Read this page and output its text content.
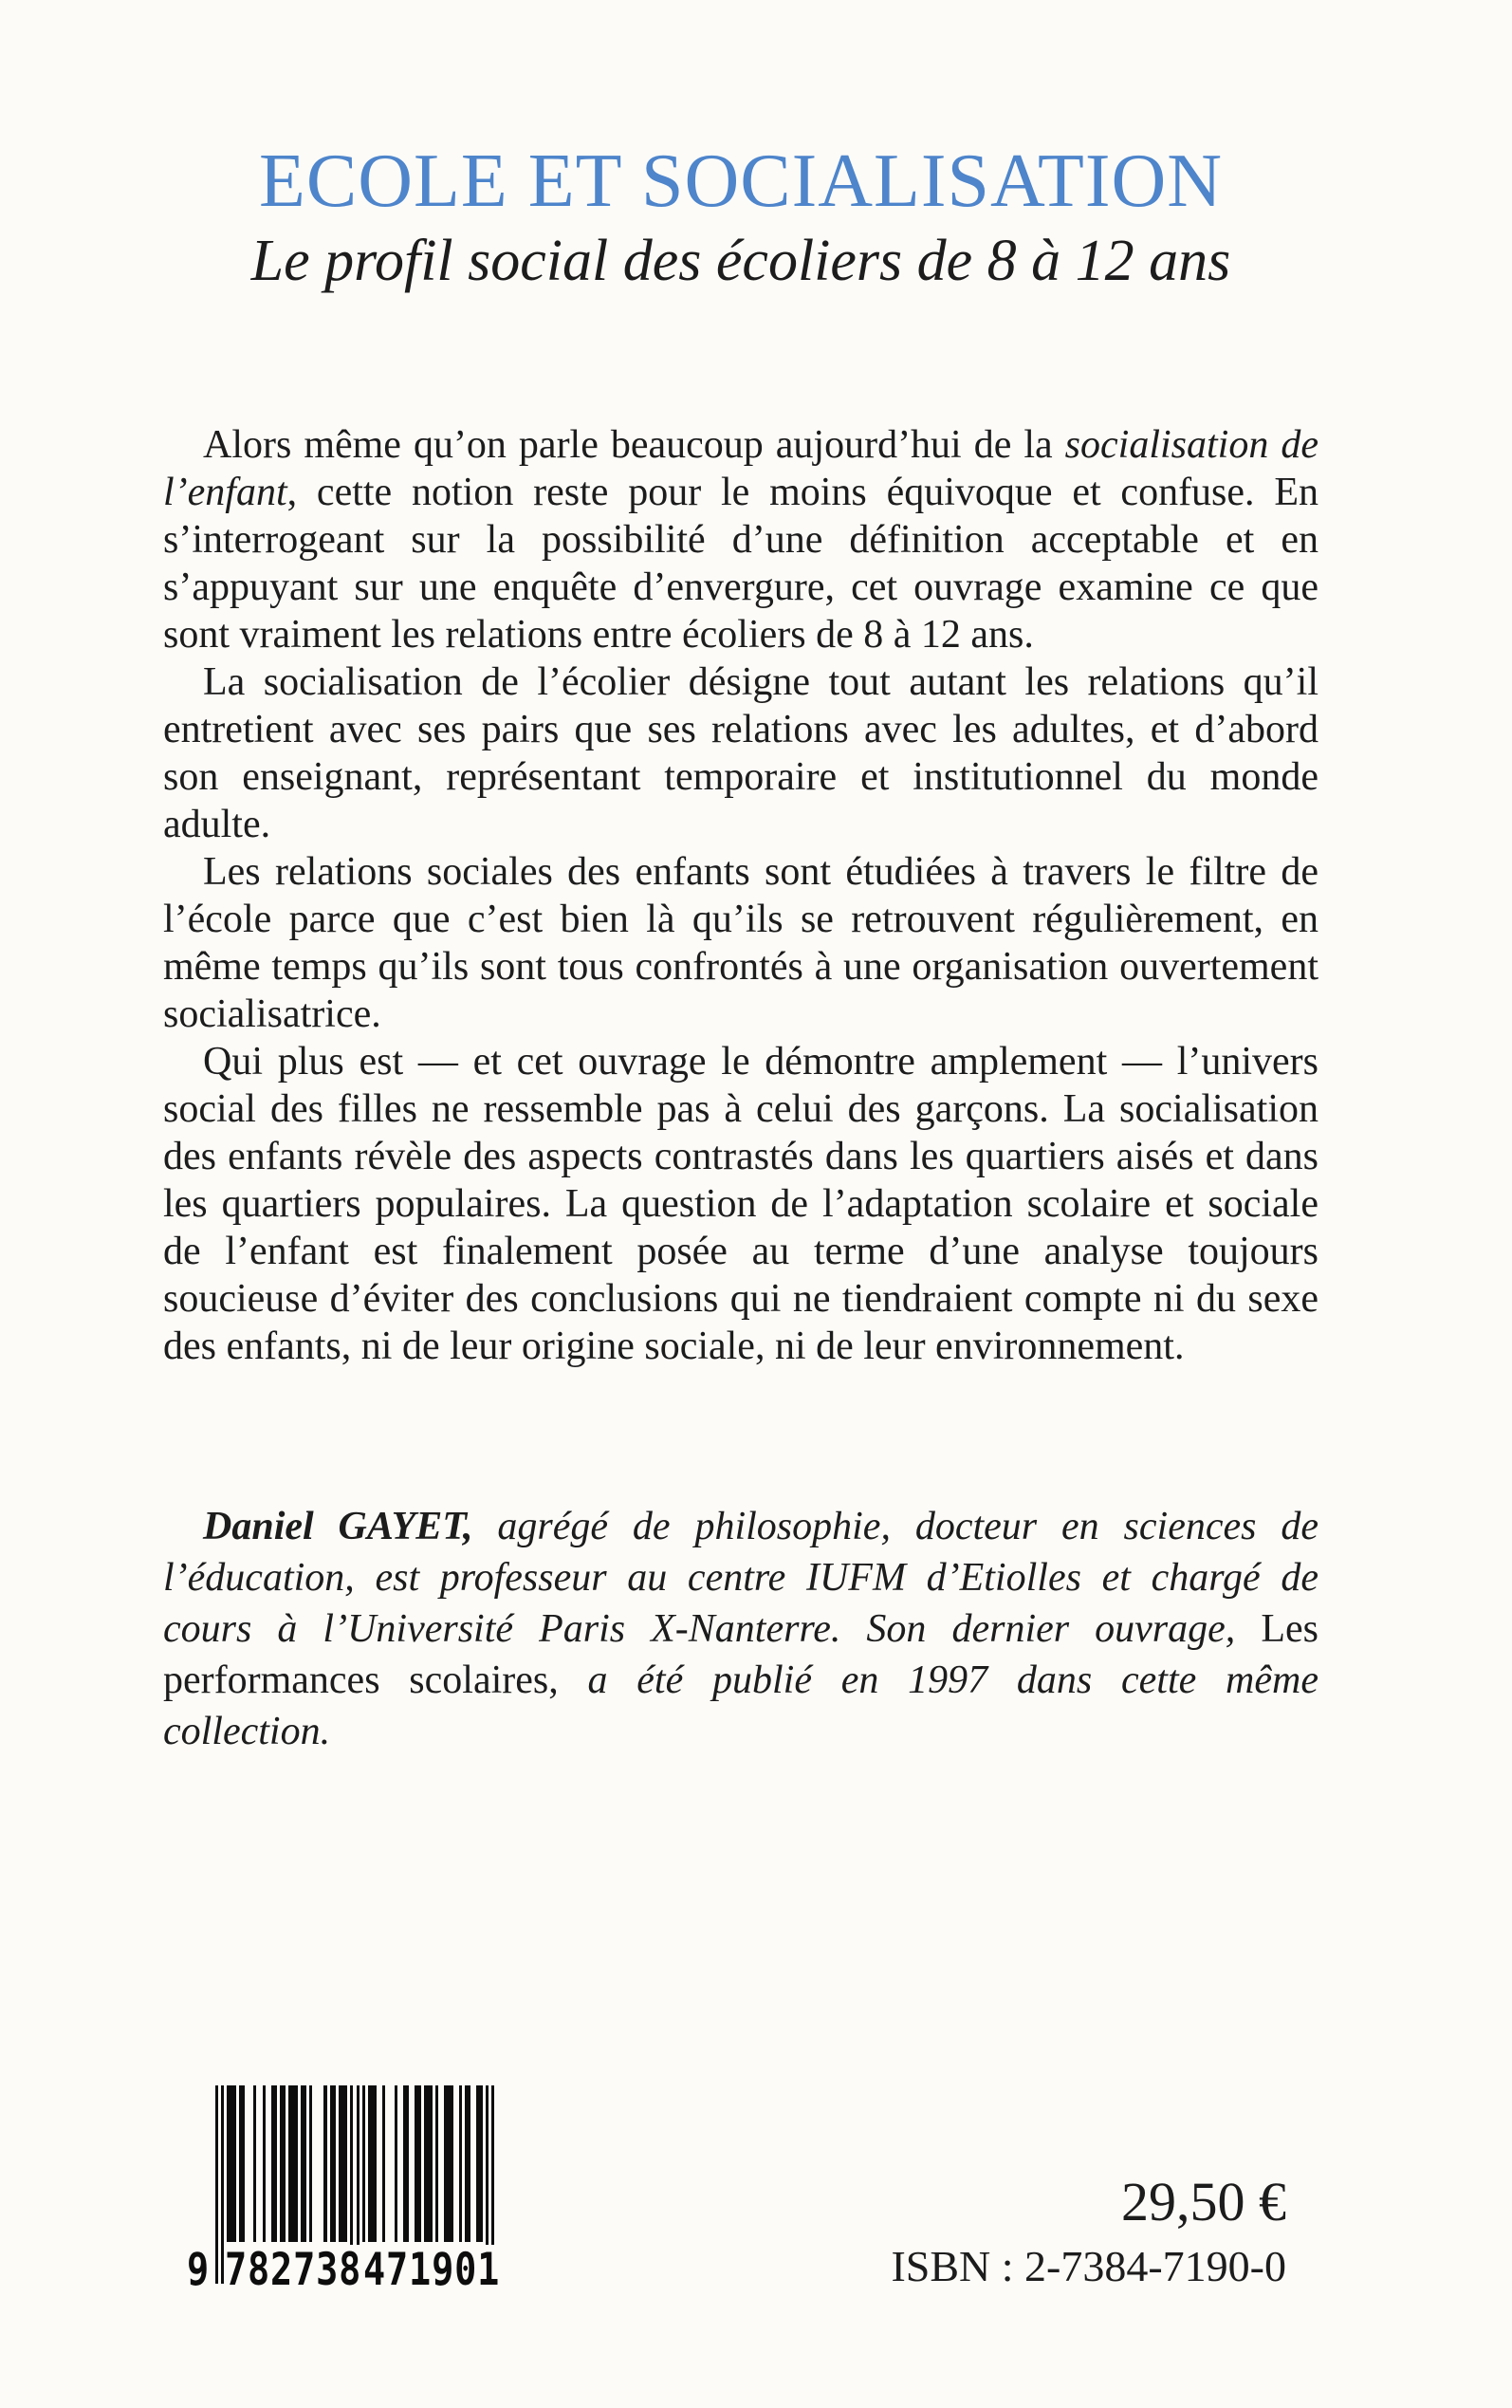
ECOLE ET SOCIALISATION
Le profil social des écoliers de 8 à 12 ans

Alors même qu’on parle beaucoup aujourd’hui de la socialisation de l’enfant, cette notion reste pour le moins équivoque et confuse. En s’interrogeant sur la possibilité d’une définition acceptable et en s’appuyant sur une enquête d’envergure, cet ouvrage examine ce que sont vraiment les relations entre écoliers de 8 à 12 ans.

La socialisation de l’écolier désigne tout autant les relations qu’il entretient avec ses pairs que ses relations avec les adultes, et d’abord son enseignant, représentant temporaire et institutionnel du monde adulte.

Les relations sociales des enfants sont étudiées à travers le filtre de l’école parce que c’est bien là qu’ils se retrouvent régulièrement, en même temps qu’ils sont tous confrontés à une organisation ouvertement socialisatrice.

Qui plus est — et cet ouvrage le démontre amplement — l’univers social des filles ne ressemble pas à celui des garçons. La socialisation des enfants révèle des aspects contrastés dans les quartiers aisés et dans les quartiers populaires. La question de l’adaptation scolaire et sociale de l’enfant est finalement posée au terme d’une analyse toujours soucieuse d’éviter des conclusions qui ne tiendraient compte ni du sexe des enfants, ni de leur origine sociale, ni de leur environnement.

Daniel GAYET, agrégé de philosophie, docteur en sciences de l’éducation, est professeur au centre IUFM d’Etiolles et chargé de cours à l’Université Paris X-Nanterre. Son dernier ouvrage, Les performances scolaires, a été publié en 1997 dans cette même collection.

9 782738 471901
29,50 €
ISBN : 2-7384-7190-0
